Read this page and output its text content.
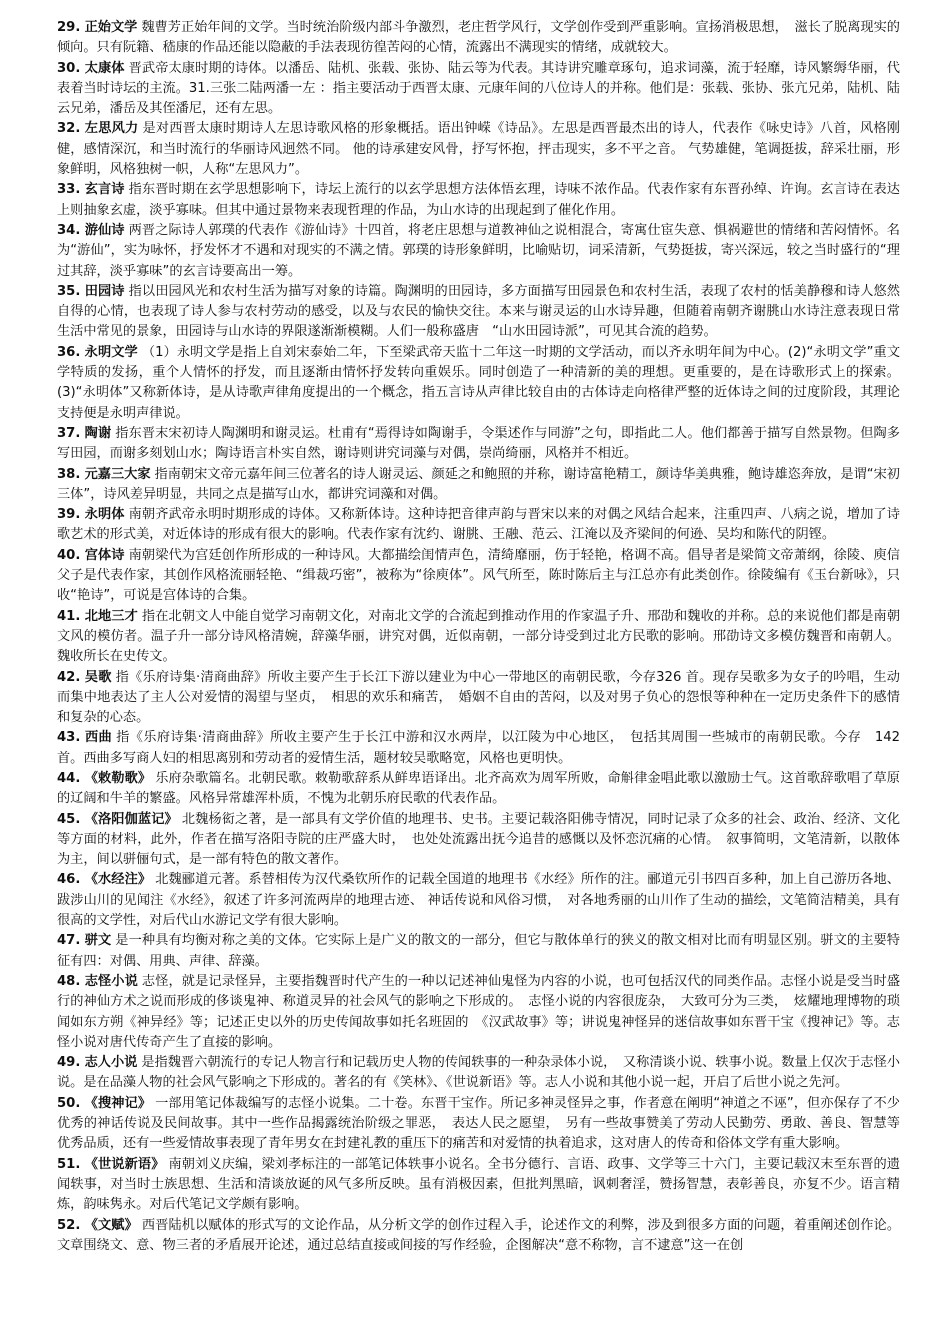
29. 正始文学 魏曹芳正始年间的文学。当时统治阶级内部斗争激烈，老庄哲学风行，文学创作受到严重影响。宣扬消极思想，　滋长了脱离现实的倾向。只有阮籍、嵇康的作品还能以隐蔽的手法表现彷徨苦闷的心情，流露出不满现实的情绪，成就较大。

30. 太康体 晋武帝太康时期的诗体。以潘岳、陆机、张载、张协、陆云等为代表。其诗讲究雕章琢句，追求词藻，流于轻靡，诗风繁缛华丽，代表着当时诗坛的主流。31.三张二陆两潘一左 ：指主要活动于西晋太康、元康年间的八位诗人的并称。他们是：张载、张协、张亢兄弟，陆机、陆云兄弟，潘岳及其侄潘尼，还有左思。

32. 左思风力 是对西晋太康时期诗人左思诗歌风格的形象概括。语出钟嵘《诗品》。左思是西晋最杰出的诗人，代表作《咏史诗》八首，风格刚健，感情深沉，和当时流行的华丽诗风迥然不同。 他的诗承建安风骨，抒写怀抱，抨击现实，多不平之音。 气势雄健，笔调挺拔，辞采壮丽，形象鲜明，风格独树一帜，人称“左思风力”。

33. 玄言诗 指东晋时期在玄学思想影响下，诗坛上流行的以玄学思想方法体悟玄理，诗味不浓作品。代表作家有东晋孙绰、许询。玄言诗在表达上则抽象玄虚，淡乎寡味。但其中通过景物来表现哲理的作品，为山水诗的出现起到了催化作用。

34. 游仙诗 两晋之际诗人郭璞的代表作《游仙诗》十四首，将老庄思想与道教神仙之说相混合，寄寓仕宦失意、惧祸避世的情绪和苦闷情怀。名为“游仙”，实为咏怀，抒发怀才不遇和对现实的不满之情。郭璞的诗形象鲜明，比喻贴切，词采清新，气势挺拔，寄兴深远，较之当时盛行的“理过其辞，淡乎寡味”的玄言诗要高出一筹。

35. 田园诗 指以田园风光和农村生活为描写对象的诗篇。陶渊明的田园诗，多方面描写田园景色和农村生活，表现了农村的恬美静穆和诗人悠然自得的心情，也表现了诗人参与农村劳动的感受，以及与农民的愉快交往。本来与谢灵运的山水诗异趣，但随着南朝齐谢朓山水诗注意表现日常生活中常见的景象，田园诗与山水诗的界限遂渐渐模糊。人们一般称盛唐　“山水田园诗派”，可见其合流的趋势。

36. 永明文学 （1）永明文学是指上自刘宋泰始二年，下至梁武帝天监十二年这一时期的文学活动，而以齐永明年间为中心。(2)“永明文学”重文学特质的发扬，重个人情怀的抒发，而且逐渐由情怀抒发转向重娱乐。同时创造了一种清新的美的理想。更重要的，是在诗歌形式上的探索。(3)“永明体”又称新体诗，是从诗歌声律角度提出的一个概念，指五言诗从声律比较自由的古体诗走向格律严整的近体诗之间的过度阶段，其理论支持便是永明声律说。

37. 陶谢 指东晋末宋初诗人陶渊明和谢灵运。杜甫有“焉得诗如陶谢手，令渠述作与同游”之句，即指此二人。他们都善于描写自然景物。但陶多写田园，而谢多刻划山水；陶诗语言朴实自然，谢诗则讲究词藻与对偶，崇尚绮丽，风格并不相近。

38. 元嘉三大家 指南朝宋文帝元嘉年间三位著名的诗人谢灵运、颜延之和鲍照的并称，谢诗富艳精工，颜诗华美典雅，鲍诗雄恣奔放，是谓“宋初三体”，诗风差异明显，共同之点是描写山水，都讲究词藻和对偶。

39. 永明体 南朝齐武帝永明时期形成的诗体。又称新体诗。这种诗把音律声韵与晋宋以来的对偶之风结合起来，注重四声、八病之说，增加了诗歌艺术的形式美，对近体诗的形成有很大的影响。代表作家有沈约、谢朓、王融、范云、江淹以及齐梁间的何逊、吴均和陈代的阴铿。

40. 宫体诗 南朝梁代为宫廷创作所形成的一种诗风。大都描绘闺情声色，清绮靡丽，伤于轻艳，格调不高。倡导者是梁简文帝萧纲，徐陵、庾信父子是代表作家，其创作风格流丽轻艳、“缉裁巧密”，被称为“徐庾体”。风气所至，陈时陈后主与江总亦有此类创作。徐陵编有《玉台新咏》，只收“艳诗”，可说是宫体诗的合集。

41. 北地三才 指在北朝文人中能自觉学习南朝文化，对南北文学的合流起到推动作用的作家温子升、邢劭和魏收的并称。总的来说他们都是南朝文风的模仿者。温子升一部分诗风格清婉，辞藻华丽，讲究对偶，近似南朝，一部分诗受到过北方民歌的影响。邢劭诗文多模仿魏晋和南朝人。魏收所长在史传文。

42. 吴歌 指《乐府诗集·清商曲辞》所收主要产生于长江下游以建业为中心一带地区的南朝民歌，今存326 首。现存吴歌多为女子的吟唱，生动而集中地表达了主人公对爱情的渴望与坚贞，　相思的欢乐和痛苦，　婚姻不自由的苦闷，以及对男子负心的怨恨等种种在一定历史条件下的感情和复杂的心态。

43. 西曲 指《乐府诗集·清商曲辞》所收主要产生于长江中游和汉水两岸，以江陵为中心地区，　包括其周围一些城市的南朝民歌。今存　142　首。西曲多写商人妇的相思离别和劳动者的爱情生活，题材较吴歌略宽，风格也更明快。

44. 《敕勒歌》 乐府杂歌篇名。北朝民歌。敕勒歌辞系从鲜卑语译出。北齐高欢为周军所败，命斛律金唱此歌以激励士气。这首歌辞歌唱了草原的辽阔和牛羊的繁盛。风格异常雄浑朴质，不愧为北朝乐府民歌的代表作品。

45. 《洛阳伽蓝记》 北魏杨衒之著，是一部具有文学价值的地理书、史书。主要记载洛阳佛寺情况，同时记录了众多的社会、政治、经济、文化等方面的材料，此外，作者在描写洛阳寺院的庄严盛大时，　也处处流露出抚今追昔的感慨以及怀恋沉痛的心情。　叙事简明，文笔清新，以散体为主，间以骈俪句式，是一部有特色的散文著作。

46. 《水经注》 北魏郦道元著。系替相传为汉代桑钦所作的记载全国道的地理书《水经》所作的注。郦道元引书四百多种，加上自己游历各地、跋涉山川的见闻注《水经》，叙述了许多河流两岸的地理古迹、 神话传说和风俗习惯，　对各地秀丽的山川作了生动的描绘，文笔简洁精美，具有很高的文学性，对后代山水游记文学有很大影响。

47. 骈文 是一种具有均衡对称之美的文体。它实际上是广义的散文的一部分，但它与散体单行的狭义的散文相对比而有明显区别。骈文的主要特征有四：对偶、用典、声律、辞藻。

48. 志怪小说 志怪，就是记录怪异，主要指魏晋时代产生的一种以记述神仙鬼怪为内容的小说，也可包括汉代的同类作品。志怪小说是受当时盛行的神仙方术之说而形成的侈谈鬼神、称道灵异的社会风气的影响之下形成的。　志怪小说的内容很庞杂，　大致可分为三类，　炫耀地理博物的琐闻如东方朔《神异经》等；记述正史以外的历史传闻故事如托名班固的　《汉武故事》等；讲说鬼神怪异的迷信故事如东晋干宝《搜神记》等。志怪小说对唐代传奇产生了直接的影响。

49. 志人小说 是指魏晋六朝流行的专记人物言行和记载历史人物的传闻轶事的一种杂录体小说，　又称清谈小说、轶事小说。数量上仅次于志怪小说。是在品藻人物的社会风气影响之下形成的。著名的有《笑林》、《世说新语》等。志人小说和其他小说一起，开启了后世小说之先河。

50. 《搜神记》 一部用笔记体裁编写的志怪小说集。二十卷。东晋干宝作。所记多神灵怪异之事，作者意在阐明“神道之不诬”，但亦保存了不少优秀的神话传说及民间故事。其中一些作品揭露统治阶级之罪恶，　表达人民之愿望，　另有一些故事赞美了劳动人民勤劳、勇敢、善良、智慧等优秀品质，还有一些爱情故事表现了青年男女在封建礼教的重压下的痛苦和对爱情的执着追求，这对唐人的传奇和俗体文学有重大影响。

51. 《世说新语》 南朝刘义庆编，梁刘孝标注的一部笔记体轶事小说名。全书分德行、言语、政事、文学等三十六门，主要记载汉末至东晋的遗闻轶事，对当时士族思想、生活和清谈放诞的风气多所反映。虽有消极因素，但批判黑暗，讽刺奢淫，赞扬智慧，表彰善良，亦复不少。语言精炼，韵味隽永。对后代笔记文学颇有影响。

52. 《文赋》 西晋陆机以赋体的形式写的文论作品，从分析文学的创作过程入手，论述作文的利弊，涉及到很多方面的问题，着重阐述创作论。文章围绕文、意、物三者的矛盾展开论述，通过总结直接或间接的写作经验，企图解决“意不称物，言不逮意”这一在创
